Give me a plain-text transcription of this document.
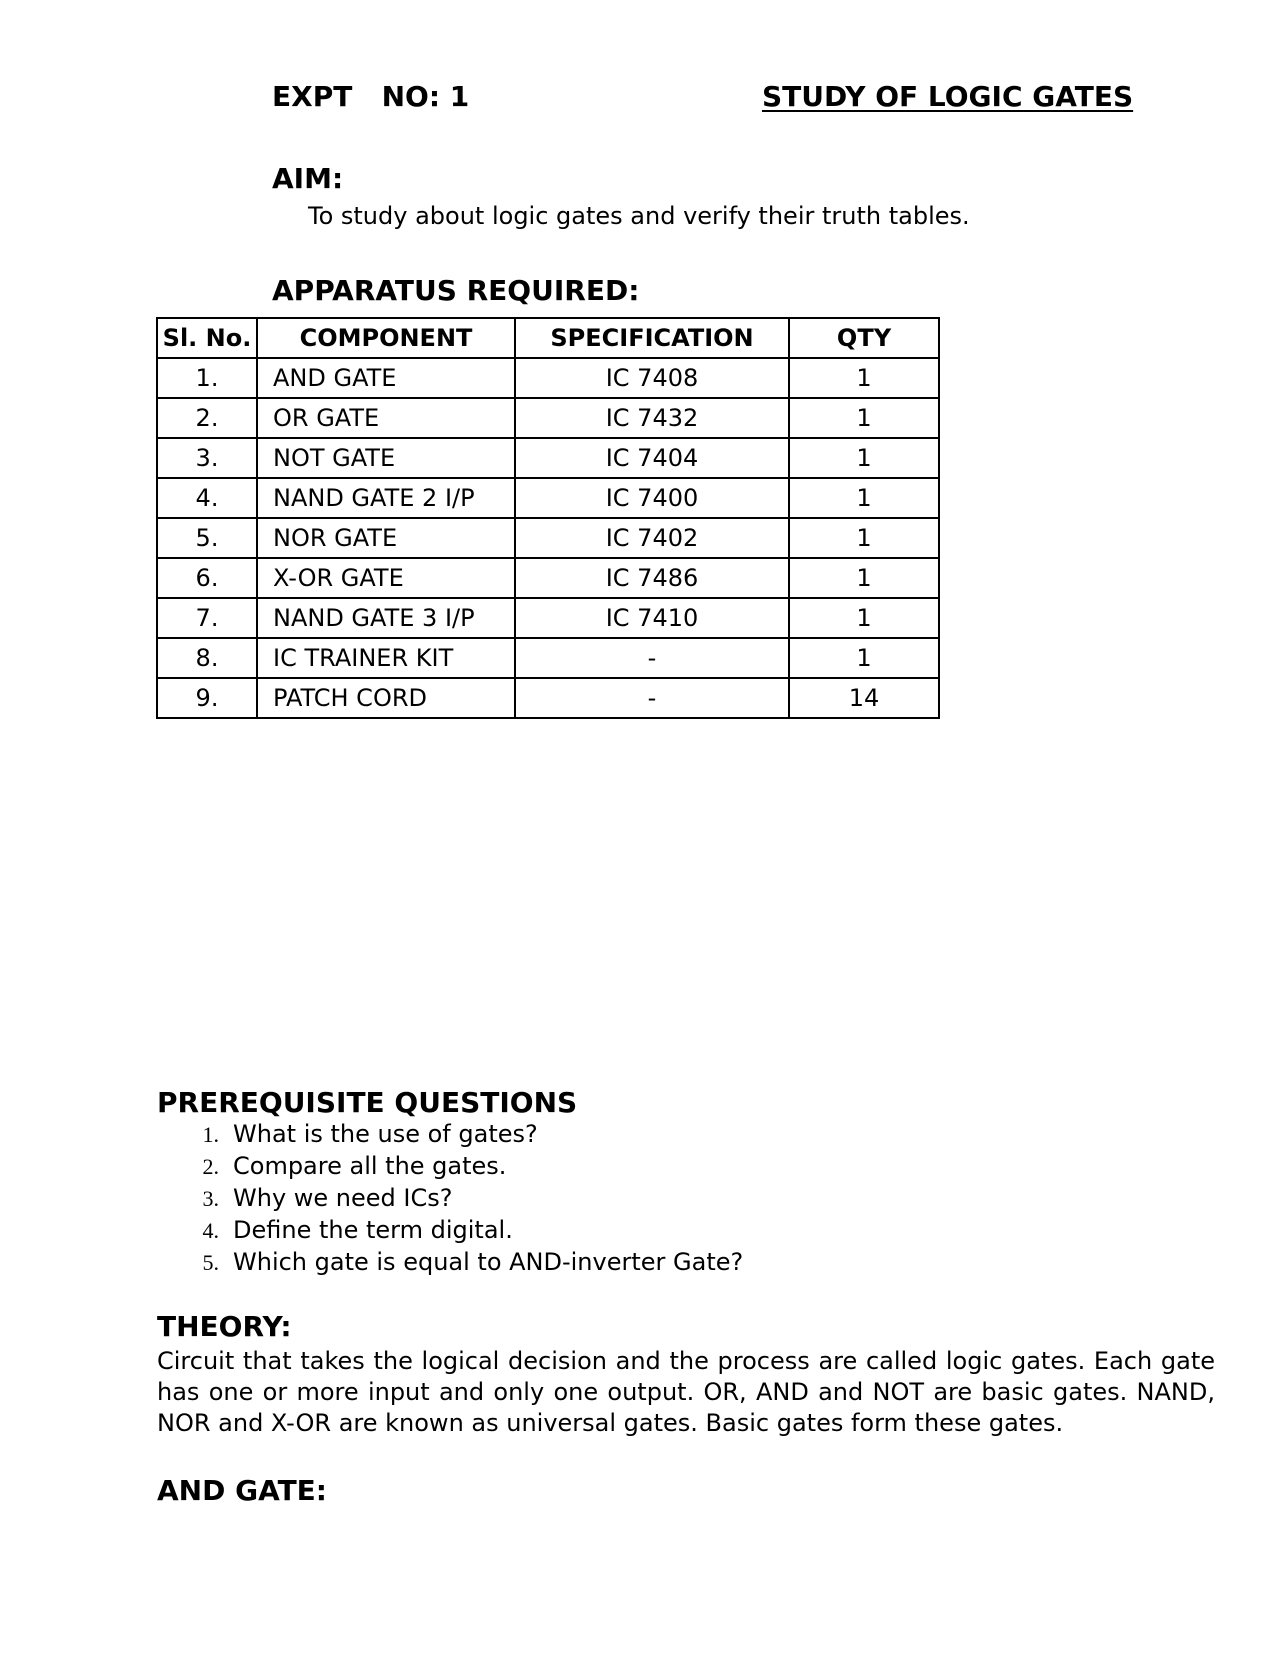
EXPT   NO: 1	STUDY OF LOGIC GATES
AIM:
To study about logic gates and verify their truth tables.
APPARATUS REQUIRED:
Sl. No.	COMPONENT	SPECIFICATION	QTY
1.	AND GATE	IC 7408	1
2.	OR GATE	IC 7432	1
3.	NOT GATE	IC 7404	1
4.	NAND GATE 2 I/P	IC 7400	1
5.	NOR GATE	IC 7402	1
6.	X-OR GATE	IC 7486	1
7.	NAND GATE 3 I/P	IC 7410	1
8.	IC TRAINER KIT	-	1
9.	PATCH CORD	-	14
PREREQUISITE QUESTIONS
1. What is the use of gates?
2. Compare all the gates.
3. Why we need ICs?
4. Define the term digital.
5. Which gate is equal to AND-inverter Gate?
THEORY:
Circuit that takes the logical decision and the process are called logic gates. Each gate has one or more input and only one output. OR, AND and NOT are basic gates. NAND, NOR and X-OR are known as universal gates. Basic gates form these gates.
AND GATE:
